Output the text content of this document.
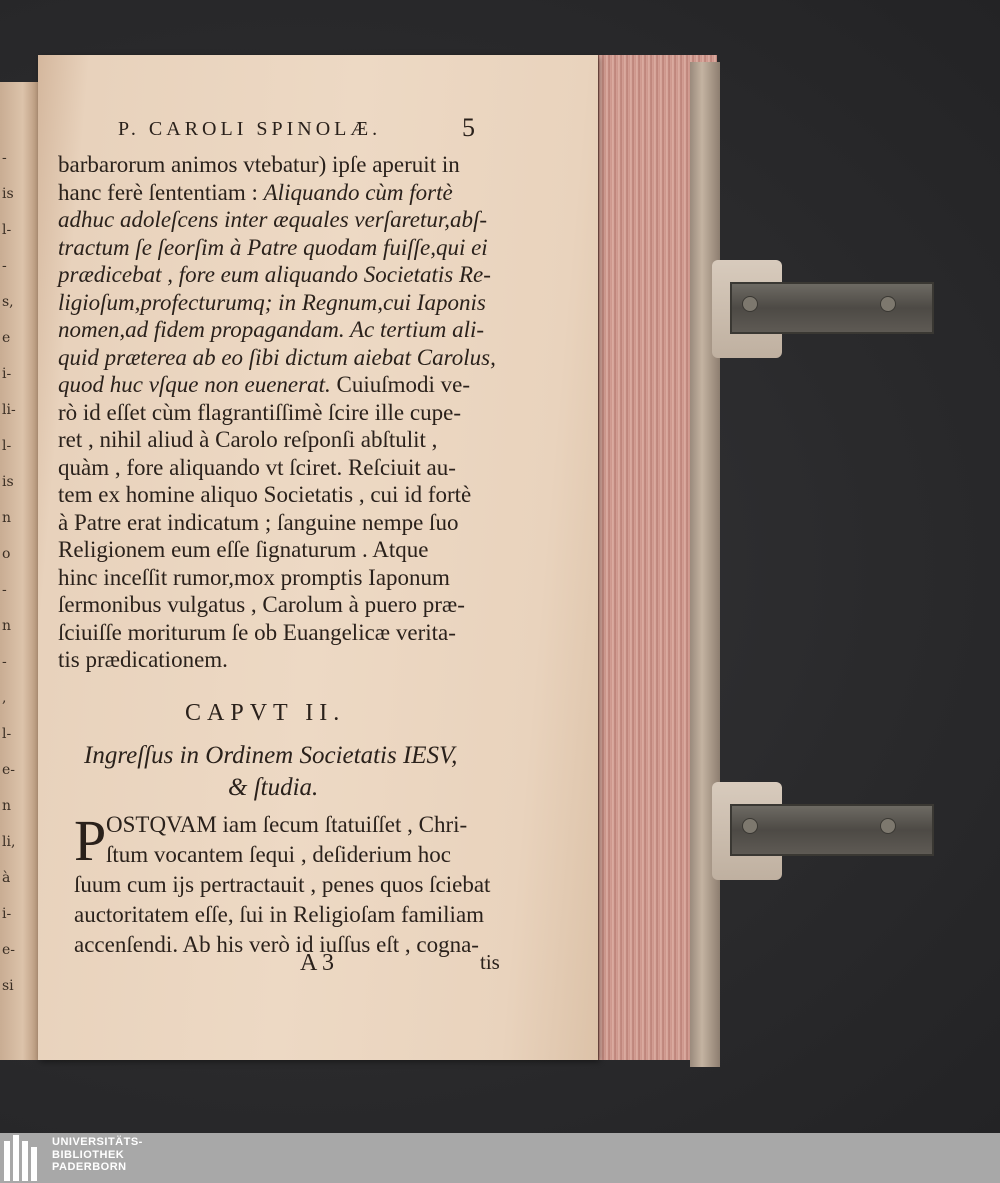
-
is
l-
-
s,
e
i-
li-
l-
is
n
o
-
n
-
,
l-
e-
n
li,
à
i-
e-
si
P. CAROLI SPINOLÆ.	5
barbarorum animos vtebatur) ipſe aperuit in
hanc ferè ſententiam : Aliquando cùm fortè
adhuc adoleſcens inter æquales verſaretur,abſ-
tractum ſe ſeorſim à Patre quodam fuiſſe,qui ei
prædicebat , fore eum aliquando Societatis Re-
ligioſum,profecturumq; in Regnum,cui Iaponis
nomen,ad fidem propagandam. Ac tertium ali-
quid præterea ab eo ſibi dictum aiebat Carolus,
quod huc vſque non euenerat. Cuiuſmodi ve-
rò id eſſet cùm flagrantiſſimè ſcire ille cupe-
ret , nihil aliud à Carolo reſponſi abſtulit ,
quàm , fore aliquando vt ſciret. Reſciuit au-
tem ex homine aliquo Societatis , cui id fortè
à Patre erat indicatum ; ſanguine nempe ſuo
Religionem eum eſſe ſignaturum . Atque
hinc inceſſit rumor,mox promptis Iaponum
ſermonibus vulgatus , Carolum à puero præ-
ſciuiſſe moriturum ſe ob Euangelicæ verita-
tis prædicationem.
CAPVT II.
Ingreſſus in Ordinem Societatis IESV,
& ſtudia.
P OSTQVAM iam ſecum ſtatuiſſet , Chri-
ſtum vocantem ſequi , deſiderium hoc
ſuum cum ijs pertractauit , penes quos ſciebat
auctoritatem eſſe, ſui in Religioſam familiam
accenſendi. Ab his verò id iuſſus eſt , cogna-
A 3	tis
UNIVERSITÄTS-
BIBLIOTHEK
PADERBORN
